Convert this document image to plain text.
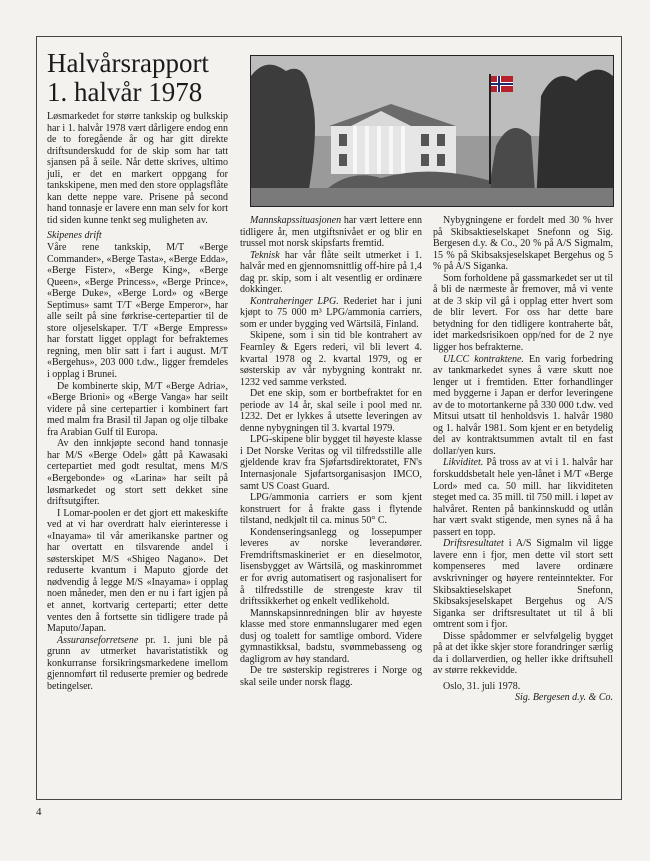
Halvårsrapport

1. halvår 1978

Løsmarkedet for større tankskip og bulkskip har i 1. halvår 1978 vært dårligere endog enn de to foregående år og har gitt direkte driftsunderskudd for de skip som har tatt sjansen på å seile. Når dette skrives, ultimo juli, er det en markert oppgang for tankskipene, men med den store opplagsflåte kan dette neppe vare. Prisene på second hand tonnasje er lavere enn man selv for kort tid siden kunne tenkt seg muligheten av.

Skipenes drift

Våre rene tankskip, M/T «Berge Commander», «Berge Tasta», «Berge Edda», «Berge Fister», «Berge King», «Berge Queen», «Berge Princess», «Berge Prince», «Berge Duke», «Berge Lord» og «Berge Septimus» samt T/T «Berge Emperor», har alle seilt på sine førkrise-certepartier til de store oljeselskaper. T/T «Berge Empress» har forstatt ligget opplagt for befraktemes regning, men blir satt i fart i august. M/T «Bergehus», 203 000 t.dw., ligger fremdeles i opplag i Brunei.

De kombinerte skip, M/T «Berge Adria», «Berge Brioni» og «Berge Vanga» har seilt videre på sine certepartier i kombinert fart med malm fra Brasil til Japan og olje tilbake fra Arabian Gulf til Europa.

Av den innkjøpte second hand tonnasje har M/S «Berge Odel» gått på Kawasaki certepartiet med godt resultat, mens M/S «Bergebonde» og «Larina» har seilt på løsmarkedet og stort sett dekket sine driftsutgifter.

I Lomar-poolen er det gjort ett makeskifte ved at vi har overdratt halv eierinteresse i «Inayama» til vår amerikanske partner og har overtatt en tilsvarende andel i søsterskipet M/S «Shigeo Nagano». Det reduserte kvantum i Maputo gjorde det nødvendig å legge M/S «Inayama» i opplag noen måneder, men den er nu i fart igjen på et annet, kortvarig certeparti; etter dette ventes den å fortsette sin tidligere trade på Maputo/Japan.

Assuranseforretsene pr. 1. juni ble på grunn av utmerket havaristatistikk og konkurranse forsikringsmarkedene imellom gjennomført til reduserte premier og bedrede betingelser.

Mannskapssituasjonen har vært lettere enn tidligere år, men utgiftsnivået er og blir en trussel mot norsk skipsfarts fremtid.

Teknisk har vår flåte seilt utmerket i 1. halvår med en gjennomsnittlig off-hire på 1,4 dag pr. skip, som i alt vesentlig er ordinære dokkinger.

Kontraheringer LPG. Rederiet har i juni kjøpt to 75 000 m³ LPG/ammonia carriers, som er under bygging ved Wärtsilä, Finland.

Skipene, som i sin tid ble kontrahert av Fearnley & Egers rederi, vil bli levert 4. kvartal 1978 og 2. kvartal 1979, og er søsterskip av vår nybygning kontrakt nr. 1232 ved samme verksted.

Det ene skip, som er bortbefraktet for en periode av 14 år, skal seile i pool med nr. 1232. Det er lykkes å utsette leveringen av denne nybygningen til 3. kvartal 1979.

LPG-skipene blir bygget til høyeste klasse i Det Norske Veritas og vil tilfredsstille alle gjeldende krav fra Sjøfartsdirektoratet, FN's Internasjonale Sjøfartsorganisasjon IMCO, samt US Coast Guard.

LPG/ammonia carriers er som kjent konstruert for å frakte gass i flytende tilstand, nedkjølt til ca. minus 50° C.

Kondenseringsanlegg og lossepumper leveres av norske leverandører. Fremdriftsmaskineriet er en dieselmotor, lisensbygget av Wärtsilä, og maskinrommet er for øvrig automatisert og rasjonalisert for å tilfredsstille de strengeste krav til driftssikkerhet og enkelt vedlikehold.

Mannskapsinnredningen blir av høyeste klasse med store enmannslugarer med egen dusj og toalett for samtlige ombord. Videre gymnastikksal, badstu, svømmebasseng og dagligrom av høy standard.

De tre søsterskip registreres i Norge og skal seile under norsk flagg.

Nybygningene er fordelt med 30 % hver på Skibsaktieselskapet Snefonn og Sig. Bergesen d.y. & Co., 20 % på A/S Sigmalm, 15 % på Skibsaksjeselskapet Bergehus og 5 % på A/S Siganka.

Som forholdene på gassmarkedet ser ut til å bli de nærmeste år fremover, må vi vente at de 3 skip vil gå i opplag etter hvert som de blir levert. For oss har dette bare betydning for den tidligere kontraherte båt, idet markedsrisikoen opp/ned for de 2 nye ligger hos befrakterne.

ULCC kontraktene. En varig forbedring av tankmarkedet synes å være skutt noe lenger ut i fremtiden. Etter forhandlinger med byggerne i Japan er derfor leveringene av de to motortankerne på 330 000 t.dw. ved Mitsui utsatt til henholdsvis 1. halvår 1980 og 1. halvår 1981. Som kjent er en betydelig del av kontraktsummen avtalt til en fast dollar/yen kurs.

Likviditet. På tross av at vi i 1. halvår har forskuddsbetalt hele yen-lånet i M/T «Berge Lord» med ca. 50 mill. har likviditeten steget med ca. 35 mill. til 750 mill. i løpet av halvåret. Renten på bankinnskudd og utlån har vært svakt stigende, men synes nå å ha passert en topp.

Driftsresultatet i A/S Sigmalm vil ligge lavere enn i fjor, men dette vil stort sett kompenseres med lavere ordinære avskrivninger og høyere renteinntekter. For Skibsaktieselskapet Snefonn, Skibsaksjeselskapet Bergehus og A/S Siganka ser driftsresultatet ut til å bli omtrent som i fjor.

Disse spådommer er selvfølgelig bygget på at det ikke skjer store forandringer særlig da i dollarverdien, og heller ikke driftsuhell av større rekkevidde.

Oslo, 31. juli 1978.

Sig. Bergesen d.y. & Co.

4
